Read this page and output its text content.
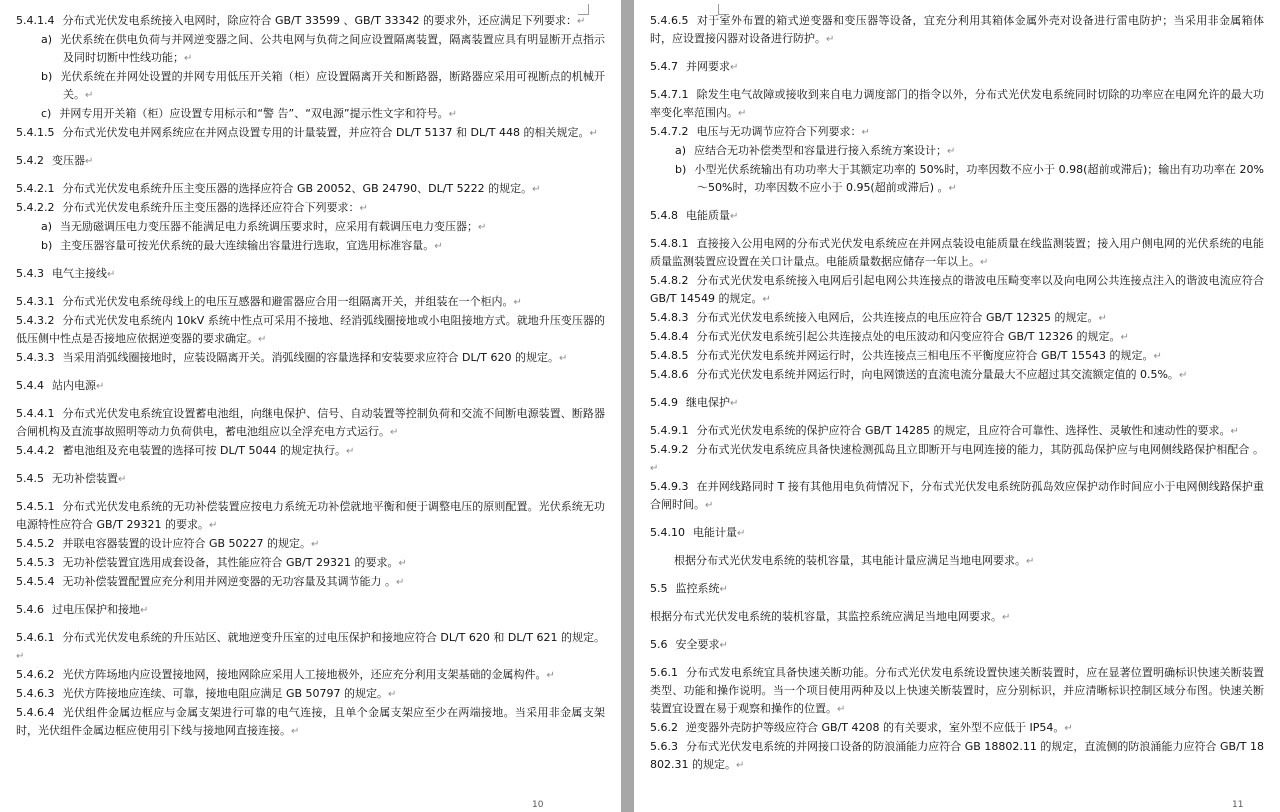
5.4.1.4 分布式光伏发电系统接入电网时，除应符合 GB/T 33599 、GB/T 33342 的要求外，还应满足下列要求：↵

a) 光伏系统在供电负荷与并网逆变器之间、公共电网与负荷之间应设置隔离装置，隔离装置应具有明显断开点指示及同时切断中性线功能；↵

b) 光伏系统在并网处设置的并网专用低压开关箱（柜）应设置隔离开关和断路器，断路器应采用可视断点的机械开关。↵

c) 并网专用开关箱（柜）应设置专用标示和“警 告”、“双电源”提示性文字和符号。↵

5.4.1.5 分布式光伏发电并网系统应在并网点设置专用的计量装置，并应符合 DL/T 5137 和 DL/T 448 的相关规定。↵

5.4.2 变压器↵

5.4.2.1 分布式光伏发电系统升压主变压器的选择应符合 GB 20052、GB 24790、DL/T 5222 的规定。↵

5.4.2.2 分布式光伏发电系统升压主变压器的选择还应符合下列要求：↵

a) 当无励磁调压电力变压器不能满足电力系统调压要求时，应采用有载调压电力变压器；↵

b) 主变压器容量可按光伏系统的最大连续输出容量进行选取，宜选用标准容量。↵

5.4.3 电气主接线↵

5.4.3.1 分布式光伏发电系统母线上的电压互感器和避雷器应合用一组隔离开关，并组装在一个柜内。↵

5.4.3.2 分布式光伏发电系统内 10kV 系统中性点可采用不接地、经消弧线圈接地或小电阻接地方式。就地升压变压器的低压侧中性点是否接地应依据逆变器的要求确定。↵

5.4.3.3 当采用消弧线圈接地时，应装设隔离开关。消弧线圈的容量选择和安装要求应符合 DL/T 620 的规定。↵

5.4.4 站内电源↵

5.4.4.1 分布式光伏发电系统宜设置蓄电池组，向继电保护、信号、自动装置等控制负荷和交流不间断电源装置、断路器合闸机构及直流事故照明等动力负荷供电，蓄电池组应以全浮充电方式运行。↵

5.4.4.2 蓄电池组及充电装置的选择可按 DL/T 5044 的规定执行。↵

5.4.5 无功补偿装置↵

5.4.5.1 分布式光伏发电系统的无功补偿装置应按电力系统无功补偿就地平衡和便于调整电压的原则配置。光伏系统无功电源特性应符合 GB/T 29321 的要求。↵

5.4.5.2 并联电容器装置的设计应符合 GB 50227 的规定。↵

5.4.5.3 无功补偿装置宜选用成套设备，其性能应符合 GB/T 29321 的要求。↵

5.4.5.4 无功补偿装置配置应充分利用并网逆变器的无功容量及其调节能力 。↵

5.4.6 过电压保护和接地↵

5.4.6.1 分布式光伏发电系统的升压站区、就地逆变升压室的过电压保护和接地应符合 DL/T 620 和 DL/T 621 的规定。↵

5.4.6.2 光伏方阵场地内应设置接地网，接地网除应采用人工接地极外，还应充分利用支架基础的金属构件。↵

5.4.6.3 光伏方阵接地应连续、可靠，接地电阻应满足 GB 50797 的规定。↵

5.4.6.4 光伏组件金属边框应与金属支架进行可靠的电气连接，且单个金属支架应至少在两端接地。当采用非金属支架时，光伏组件金属边框应使用引下线与接地网直接连接。↵

10

5.4.6.5 对于室外布置的箱式逆变器和变压器等设备，宜充分利用其箱体金属外壳对设备进行雷电防护；当采用非金属箱体时，应设置接闪器对设备进行防护。↵

5.4.7 并网要求↵

5.4.7.1 除发生电气故障或接收到来自电力调度部门的指令以外，分布式光伏发电系统同时切除的功率应在电网允许的最大功率变化率范围内。↵

5.4.7.2 电压与无功调节应符合下列要求：↵

a) 应结合无功补偿类型和容量进行接入系统方案设计；↵

b) 小型光伏系统输出有功功率大于其额定功率的 50%时，功率因数不应小于 0.98(超前或滞后)；输出有功功率在 20%～50%时，功率因数不应小于 0.95(超前或滞后) 。↵

5.4.8 电能质量↵

5.4.8.1 直接接入公用电网的分布式光伏发电系统应在并网点装设电能质量在线监测装置；接入用户侧电网的光伏系统的电能质量监测装置应设置在关口计量点。电能质量数据应储存一年以上。↵

5.4.8.2 分布式光伏发电系统接入电网后引起电网公共连接点的谐波电压畸变率以及向电网公共连接点注入的谐波电流应符合 GB/T 14549 的规定。↵

5.4.8.3 分布式光伏发电系统接入电网后，公共连接点的电压应符合 GB/T 12325 的规定。↵

5.4.8.4 分布式光伏发电系统引起公共连接点处的电压波动和闪变应符合 GB/T 12326 的规定。↵

5.4.8.5 分布式光伏发电系统并网运行时，公共连接点三相电压不平衡度应符合 GB/T 15543 的规定。↵

5.4.8.6 分布式光伏发电系统并网运行时，向电网馈送的直流电流分量最大不应超过其交流额定值的 0.5%。↵

5.4.9 继电保护↵

5.4.9.1 分布式光伏发电系统的保护应符合 GB/T 14285 的规定，且应符合可靠性、选择性、灵敏性和速动性的要求。↵

5.4.9.2 分布式光伏发电系统应具备快速检测孤岛且立即断开与电网连接的能力，其防孤岛保护应与电网侧线路保护相配合 。↵

5.4.9.3 在并网线路同时 T 接有其他用电负荷情况下，分布式光伏发电系统防孤岛效应保护动作时间应小于电网侧线路保护重合闸时间。↵

5.4.10 电能计量↵

根据分布式光伏发电系统的装机容量，其电能计量应满足当地电网要求。↵

5.5 监控系统↵

根据分布式光伏发电系统的装机容量，其监控系统应满足当地电网要求。↵

5.6 安全要求↵

5.6.1 分布式发电系统宜具备快速关断功能。分布式光伏发电系统设置快速关断装置时，应在显著位置明确标识快速关断装置类型、功能和操作说明。当一个项目使用两种及以上快速关断装置时，应分别标识，并应清晰标识控制区域分布图。快速关断装置宜设置在易于观察和操作的位置。↵

5.6.2 逆变器外壳防护等级应符合 GB/T 4208 的有关要求，室外型不应低于 IP54。↵

5.6.3 分布式光伏发电系统的并网接口设备的防浪涌能力应符合 GB 18802.11 的规定，直流侧的防浪涌能力应符合 GB/T 18802.31 的规定。↵

11
